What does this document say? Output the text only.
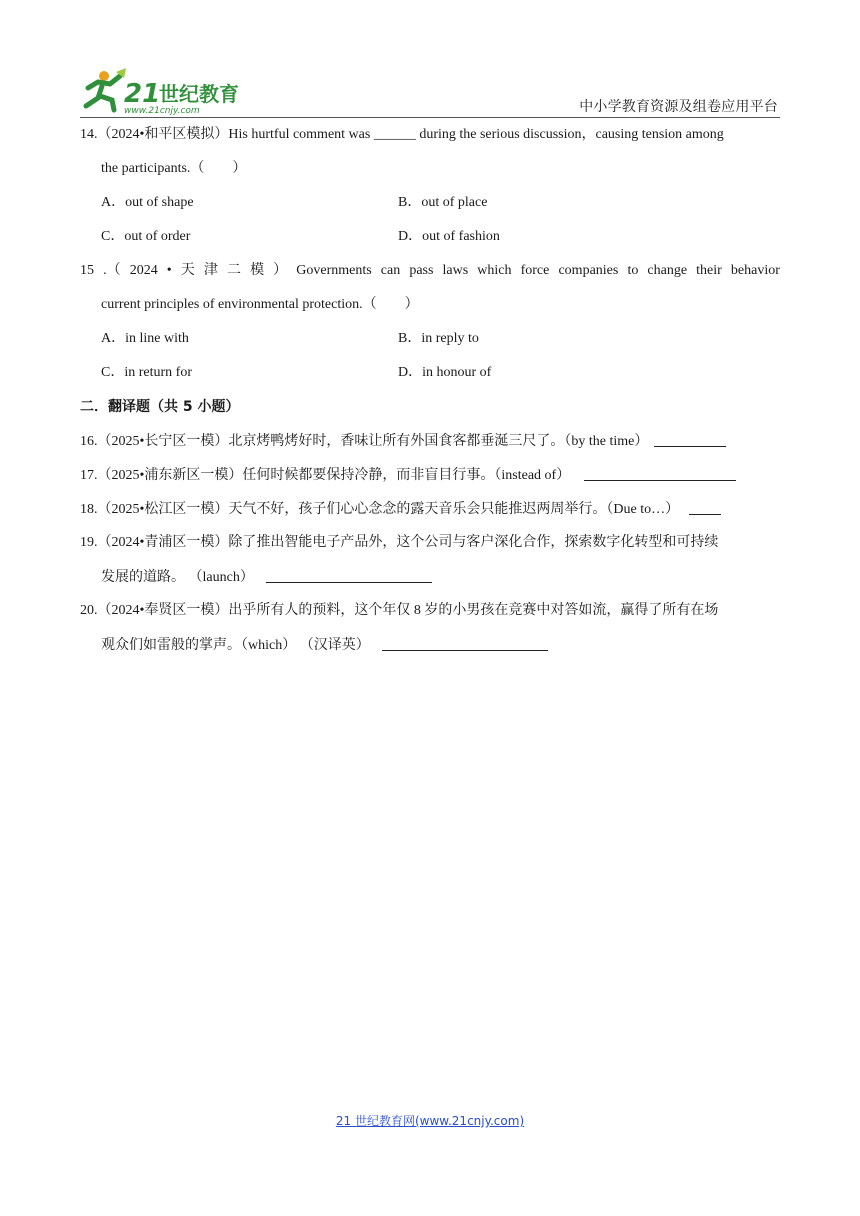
21
世纪教育
www.21cnjy.com	中小学教育资源及组卷应用平台
14.（2024•和平区模拟）His hurtful comment was ______ during the serious discussion，causing tension among
the participants.（　　）
A．out of shape	B．out of place
C．out of order	D．out of fashion
15 .（ 2024 • 天 津 二 模 ） Governments can pass laws which force companies to change their behavior
current principles of environmental protection.（　　）
A．in line with	B．in reply to
C．in return for	D．in honour of
二．翻译题（共 5 小题）
16.（2025•长宁区一模）北京烤鸭烤好时，香味让所有外国食客都垂涎三尺了。（by the time）
17.（2025•浦东新区一模）任何时候都要保持冷静，而非盲目行事。（instead of）
18.（2025•松江区一模）天气不好，孩子们心心念念的露天音乐会只能推迟两周举行。（Due to…）
19.（2024•青浦区一模）除了推出智能电子产品外，这个公司与客户深化合作，探索数字化转型和可持续
发展的道路。 （launch）
20.（2024•奉贤区一模）出乎所有人的预料，这个年仅 8 岁的小男孩在竞赛中对答如流，赢得了所有在场
观众们如雷般的掌声。（which） （汉译英）
21 世纪教育网(www.21cnjy.com)
